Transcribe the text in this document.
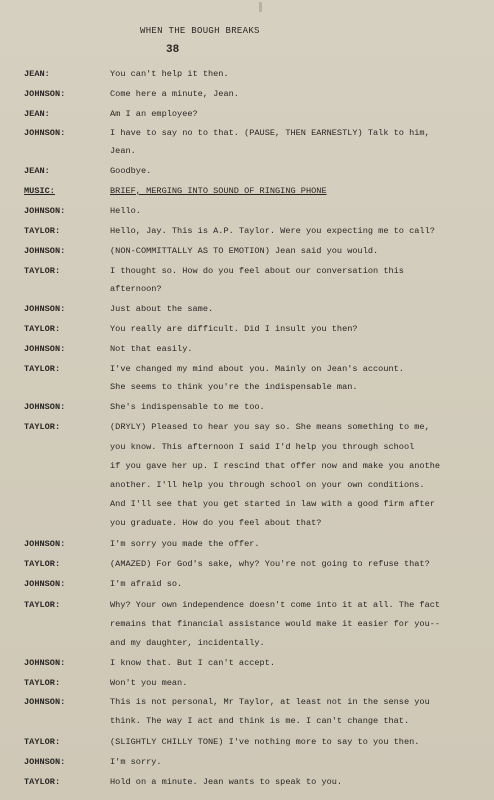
WHEN THE BOUGH BREAKS
38
JEAN:	You can't help it then.
JOHNSON:	Come here a minute, Jean.
JEAN:	Am I an employee?
JOHNSON:	I have to say no to that. (PAUSE, THEN EARNESTLY) Talk to him,
Jean.
JEAN:	Goodbye.
MUSIC:	BRIEF, MERGING INTO SOUND OF RINGING PHONE
JOHNSON:	Hello.
TAYLOR:	Hello, Jay. This is A.P. Taylor. Were you expecting me to call?
JOHNSON:	(NON-COMMITTALLY AS TO EMOTION) Jean said you would.
TAYLOR:	I thought so. How do you feel about our conversation this
afternoon?
JOHNSON:	Just about the same.
TAYLOR:	You really are difficult. Did I insult you then?
JOHNSON:	Not that easily.
TAYLOR:	I've changed my mind about you. Mainly on Jean's account.
She seems to think you're the indispensable man.
JOHNSON:	She's indispensable to me too.
TAYLOR:	(DRYLY) Pleased to hear you say so. She means something to me,
you know. This afternoon I said I'd help you through school
if you gave her up. I rescind that offer now and make you anothe
another. I'll help you through school on your own conditions.
And I'll see that you get started in law with a good firm after
you graduate. How do you feel about that?
JOHNSON:	I'm sorry you made the offer.
TAYLOR:	(AMAZED) For God's sake, why? You're not going to refuse that?
JOHNSON:	I'm afraid so.
TAYLOR:	Why? Your own independence doesn't come into it at all. The fact
remains that financial assistance would make it easier for you--
and my daughter, incidentally.
JOHNSON:	I know that. But I can't accept.
TAYLOR:	Won't you mean.
JOHNSON:	This is not personal, Mr Taylor, at least not in the sense you
think. The way I act and think is me. I can't change that.
TAYLOR:	(SLIGHTLY CHILLY TONE) I've nothing more to say to you then.
JOHNSON:	I'm sorry.
TAYLOR:	Hold on a minute. Jean wants to speak to you.
